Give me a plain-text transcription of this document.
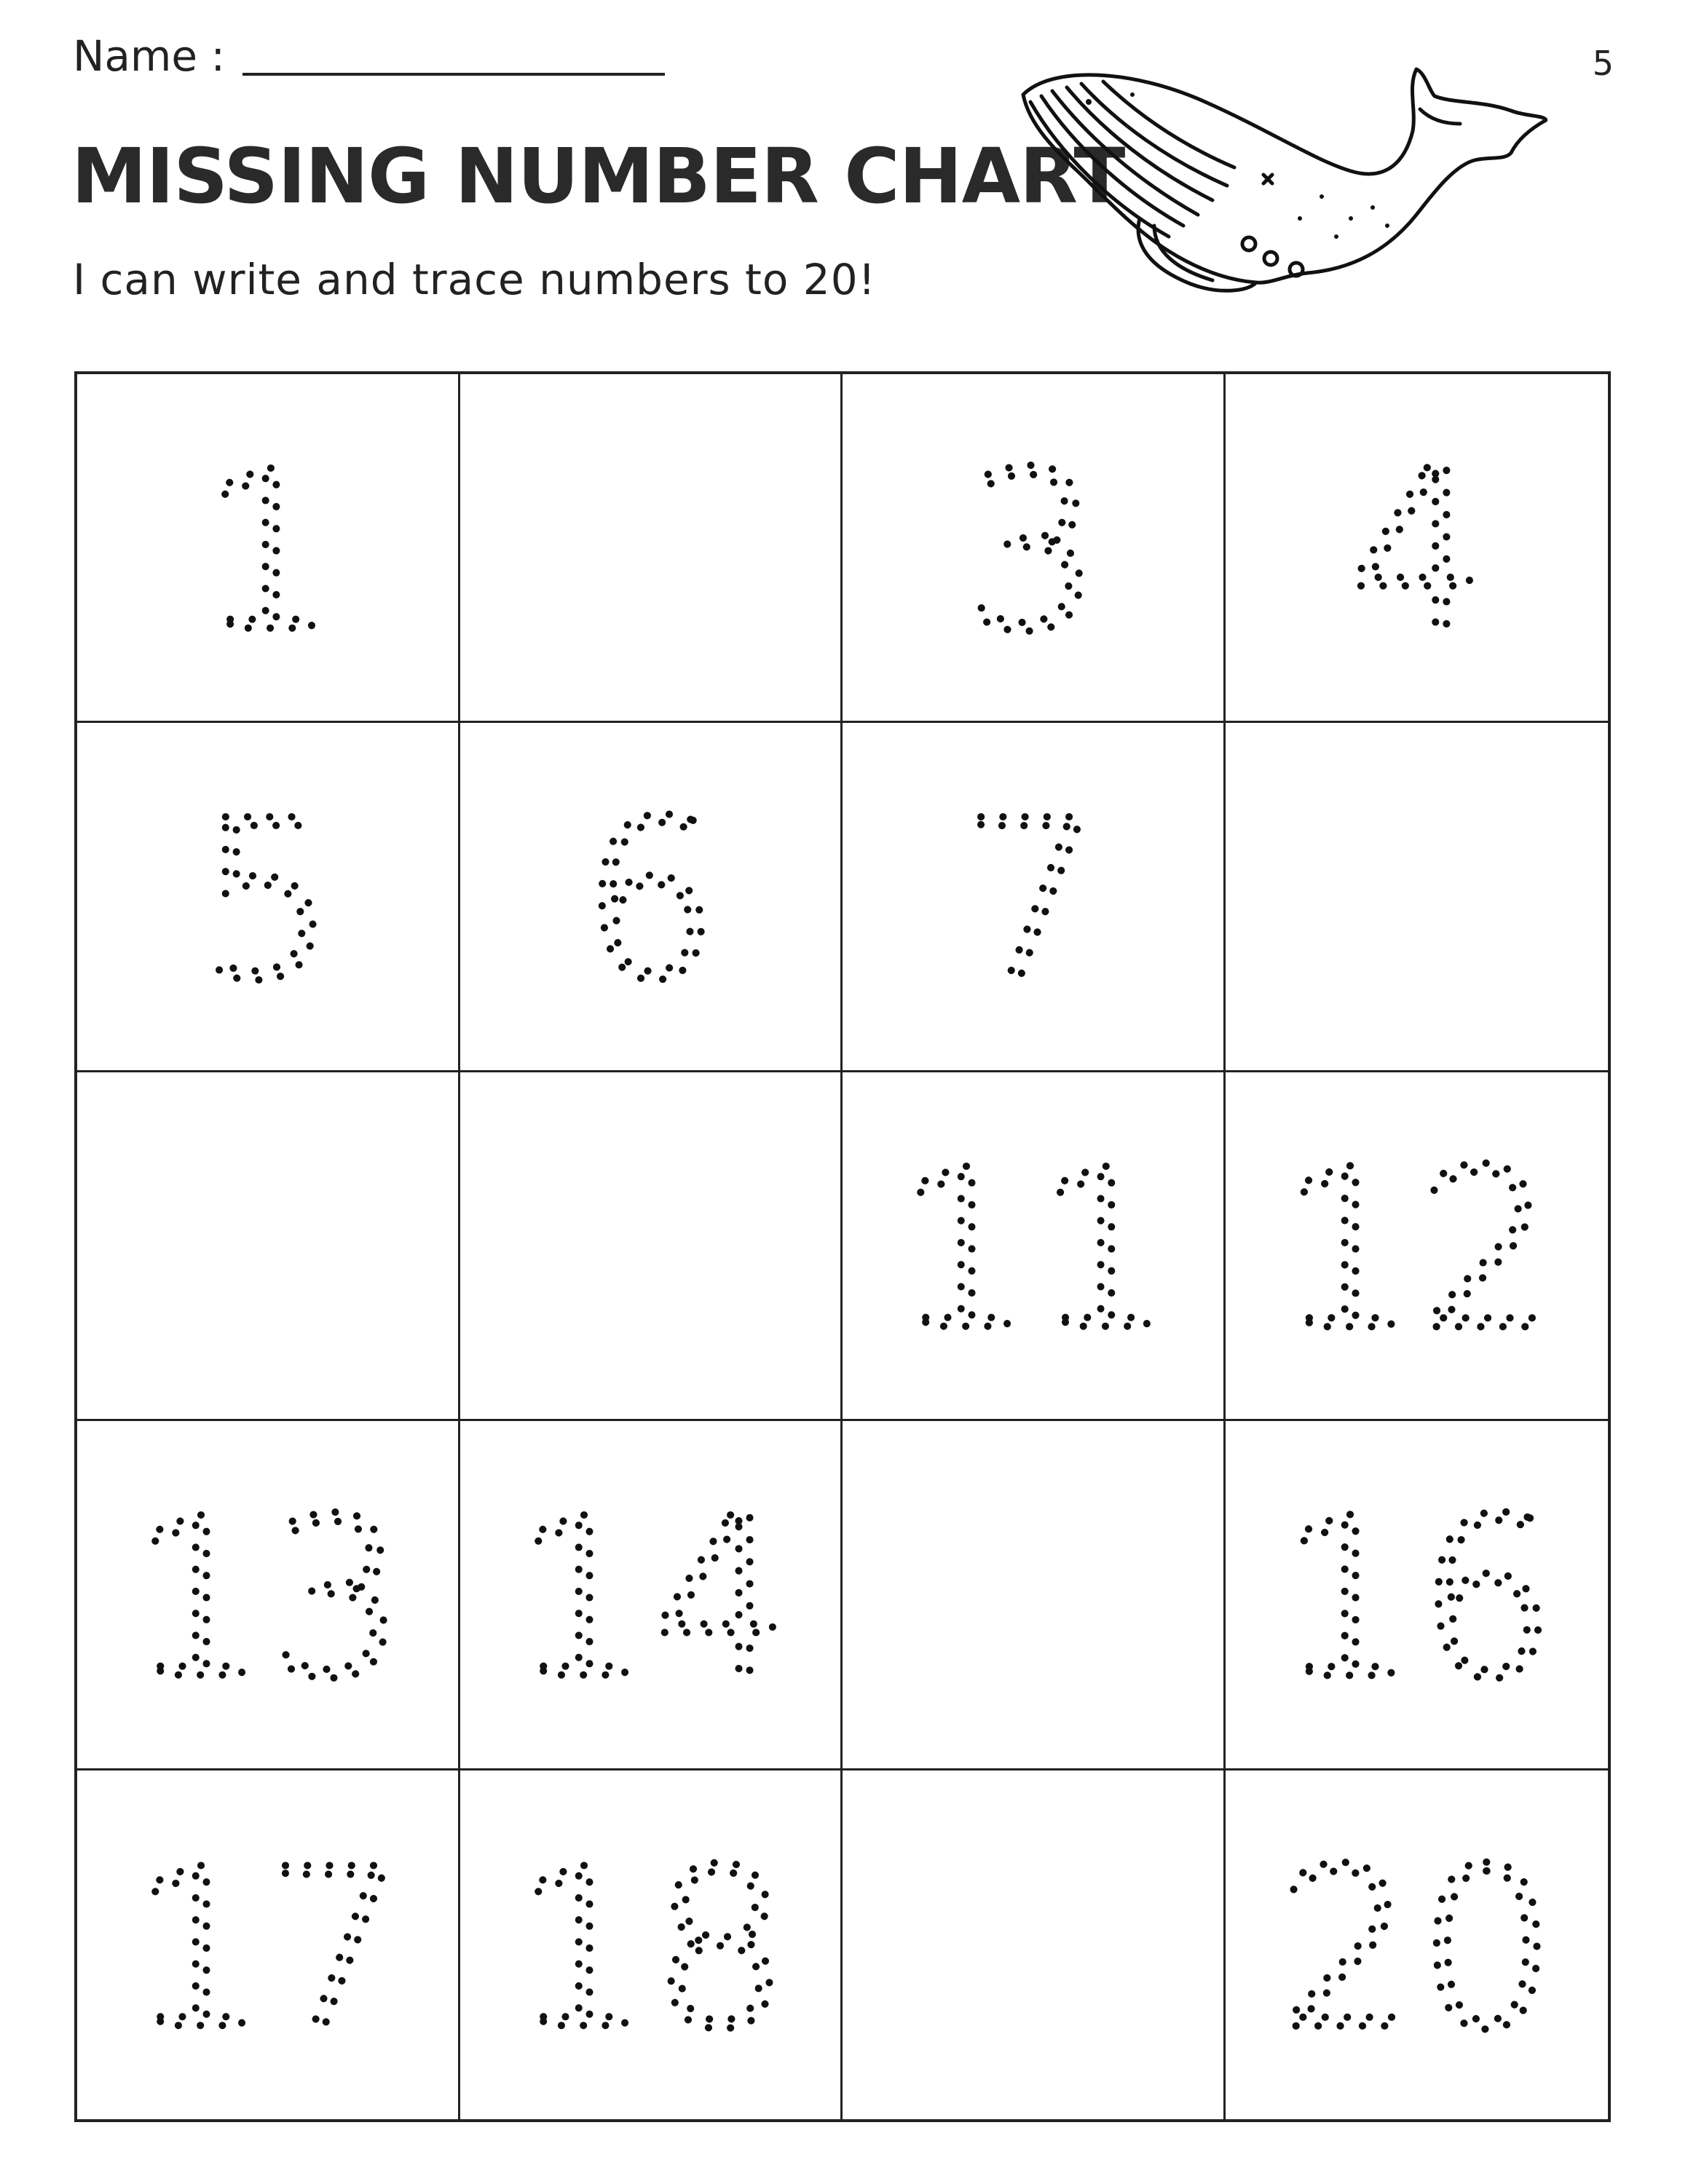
Name :	5
MISSING NUMBER CHART
I can write and trace numbers to 20!
1	3 4
5 6 7
11 12
13 14 16
17 18 20
